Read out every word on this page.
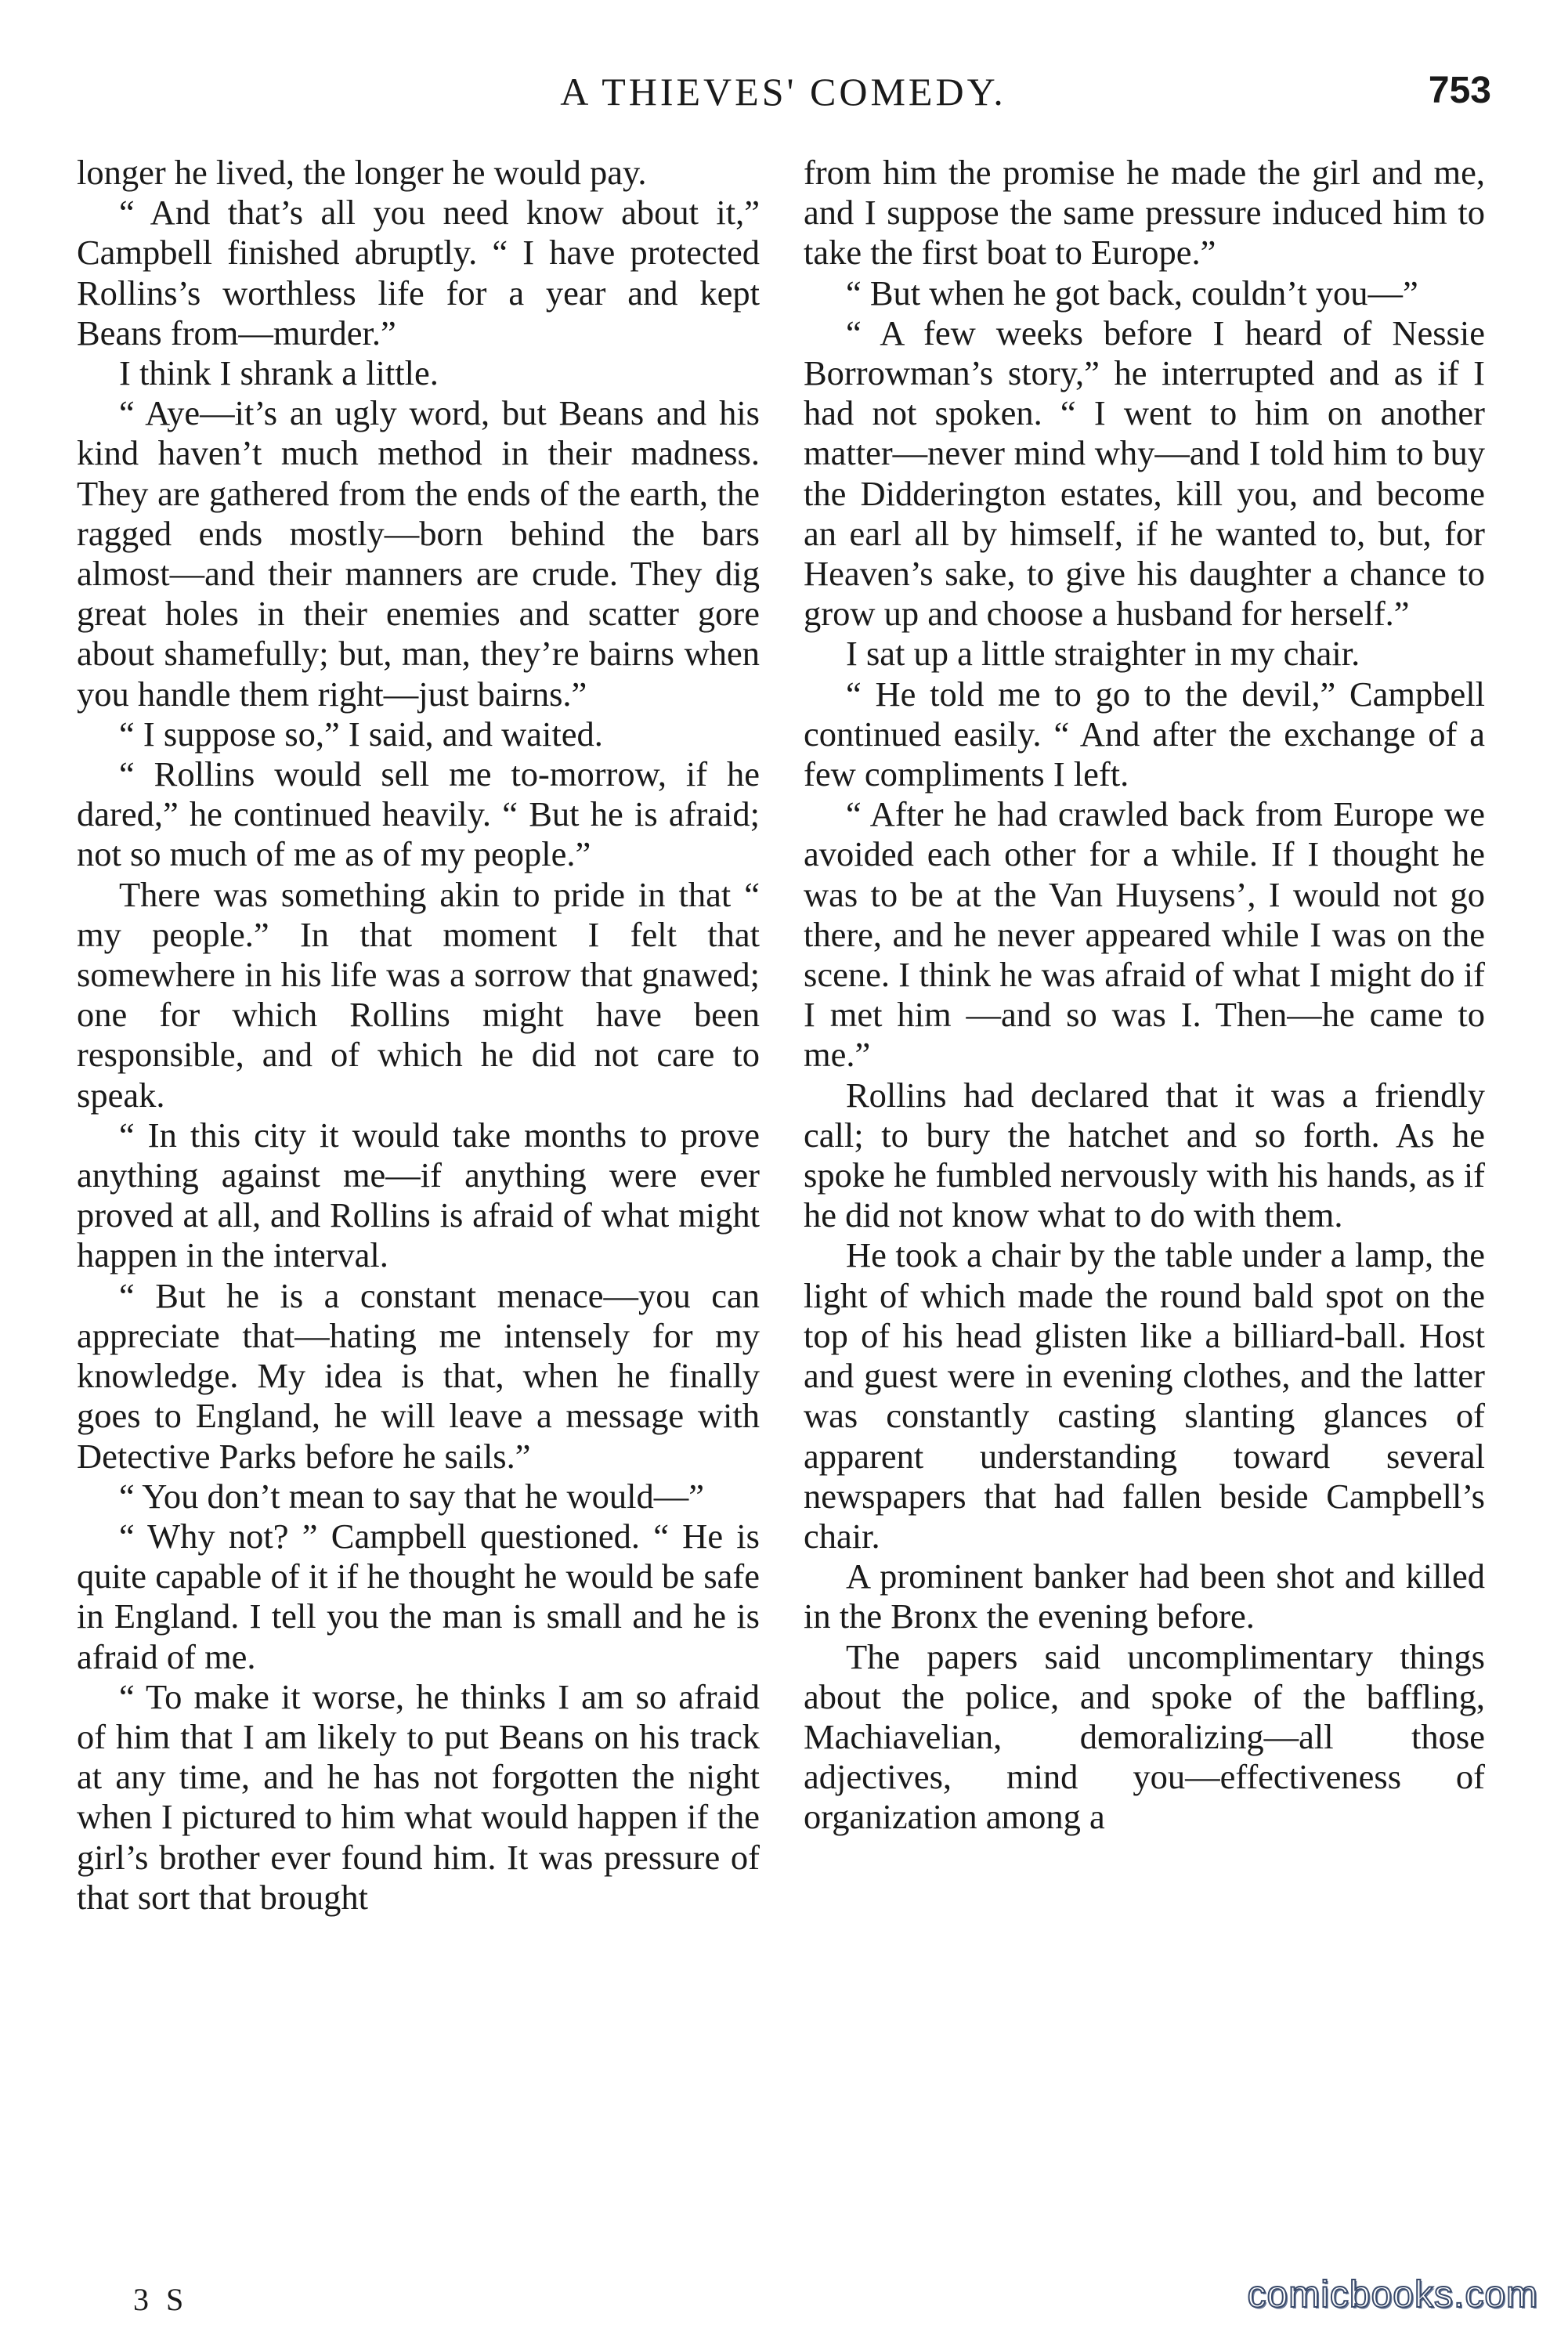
A THIEVES' COMEDY.	753

longer he lived, the longer he would pay.

“ And that’s all you need know about it,” Campbell finished abruptly. “ I have protected Rollins’s worthless life for a year and kept Beans from—murder.”

I think I shrank a little.

“ Aye—it’s an ugly word, but Beans and his kind haven’t much method in their madness. They are gathered from the ends of the earth, the ragged ends mostly—born behind the bars almost—and their manners are crude. They dig great holes in their enemies and scatter gore about shamefully; but, man, they’re bairns when you handle them right—just bairns.”

“ I suppose so,” I said, and waited.

“ Rollins would sell me to-morrow, if he dared,” he continued heavily. “ But he is afraid; not so much of me as of my people.”

There was something akin to pride in that “ my people.” In that moment I felt that somewhere in his life was a sorrow that gnawed; one for which Rollins might have been responsible, and of which he did not care to speak.

“ In this city it would take months to prove anything against me—if anything were ever proved at all, and Rollins is afraid of what might happen in the interval.

“ But he is a constant menace—you can appreciate that—hating me intensely for my knowledge. My idea is that, when he finally goes to England, he will leave a message with Detective Parks before he sails.”

“ You don’t mean to say that he would—”

“ Why not? ” Campbell questioned. “ He is quite capable of it if he thought he would be safe in England. I tell you the man is small and he is afraid of me.

“ To make it worse, he thinks I am so afraid of him that I am likely to put Beans on his track at any time, and he has not forgotten the night when I pictured to him what would happen if the girl’s brother ever found him. It was pressure of that sort that brought

from him the promise he made the girl and me, and I suppose the same pressure induced him to take the first boat to Europe.”

“ But when he got back, couldn’t you—”

“ A few weeks before I heard of Nessie Borrowman’s story,” he interrupted and as if I had not spoken. “ I went to him on another matter—never mind why—and I told him to buy the Didderington estates, kill you, and become an earl all by himself, if he wanted to, but, for Heaven’s sake, to give his daughter a chance to grow up and choose a husband for herself.”

I sat up a little straighter in my chair.

“ He told me to go to the devil,” Campbell continued easily. “ And after the exchange of a few compliments I left.

“ After he had crawled back from Europe we avoided each other for a while. If I thought he was to be at the Van Huysens’, I would not go there, and he never appeared while I was on the scene. I think he was afraid of what I might do if I met him —and so was I. Then—he came to me.”

Rollins had declared that it was a friendly call; to bury the hatchet and so forth. As he spoke he fumbled nervously with his hands, as if he did not know what to do with them.

He took a chair by the table under a lamp, the light of which made the round bald spot on the top of his head glisten like a billiard-ball. Host and guest were in evening clothes, and the latter was constantly casting slanting glances of apparent understanding toward several newspapers that had fallen beside Campbell’s chair.

A prominent banker had been shot and killed in the Bronx the evening before.

The papers said uncomplimentary things about the police, and spoke of the baffling, Machiavelian, demoralizing—all those adjectives, mind you—effectiveness of organization among a

3 S	comicbooks.com
